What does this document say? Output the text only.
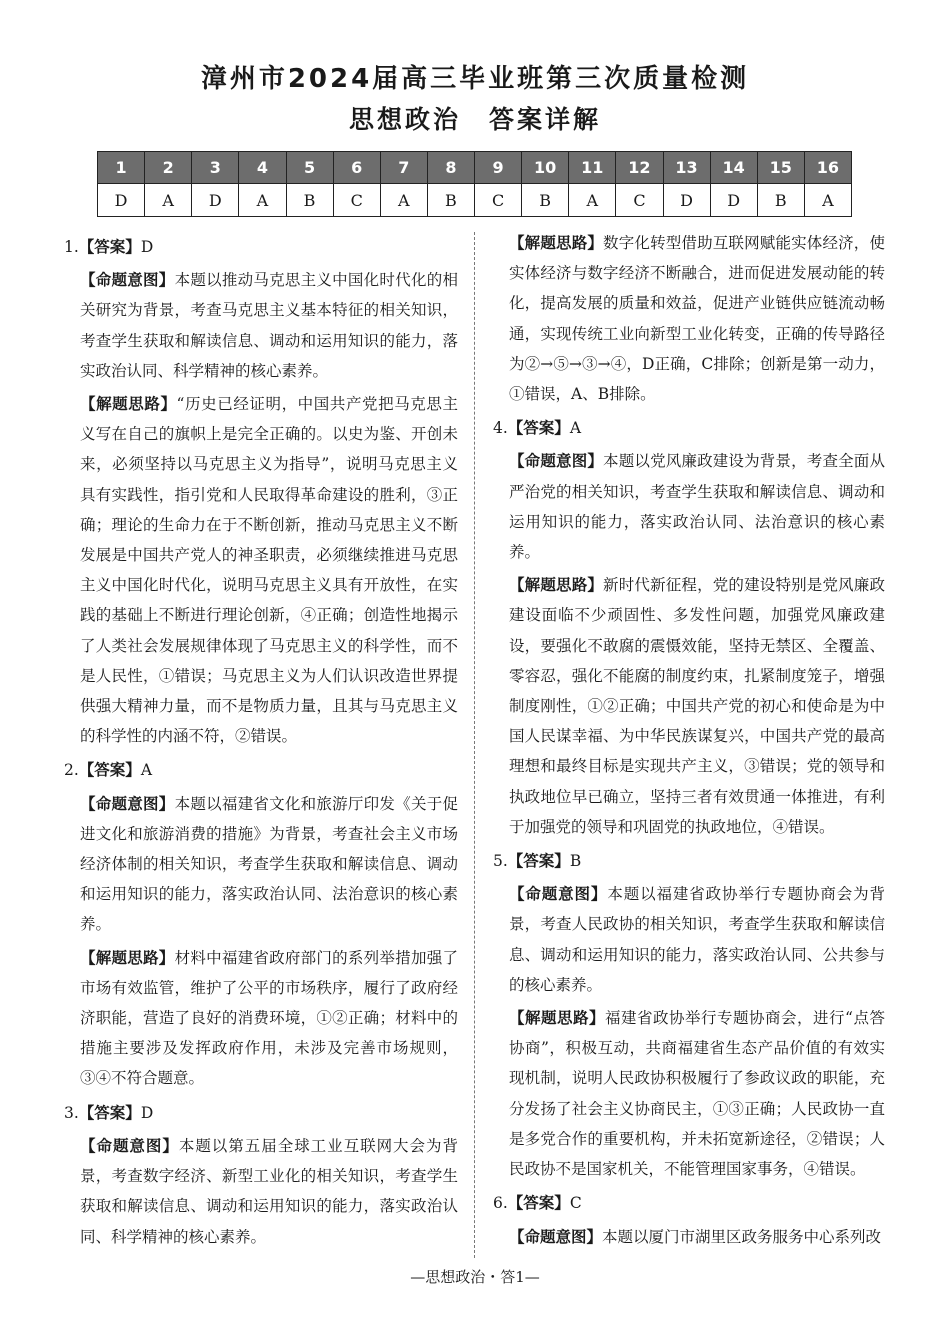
漳州市2024届高三毕业班第三次质量检测
思想政治 答案详解
1	2	3	4	5	6	7	8	9	10	11	12	13	14	15	16
D	A	D	A	B	C	A	B	C	B	A	C	D	D	B	A
1.【答案】D
【命题意图】本题以推动马克思主义中国化时代化的相关研究为背景，考查马克思主义基本特征的相关知识，考查学生获取和解读信息、调动和运用知识的能力，落实政治认同、科学精神的核心素养。
【解题思路】“历史已经证明，中国共产党把马克思主义写在自己的旗帜上是完全正确的。以史为鉴、开创未来，必须坚持以马克思主义为指导”，说明马克思主义具有实践性，指引党和人民取得革命建设的胜利，③正确；理论的生命力在于不断创新，推动马克思主义不断发展是中国共产党人的神圣职责，必须继续推进马克思主义中国化时代化，说明马克思主义具有开放性，在实践的基础上不断进行理论创新，④正确；创造性地揭示了人类社会发展规律体现了马克思主义的科学性，而不是人民性，①错误；马克思主义为人们认识改造世界提供强大精神力量，而不是物质力量，且其与马克思主义的科学性的内涵不符，②错误。
2.【答案】A
【命题意图】本题以福建省文化和旅游厅印发《关于促进文化和旅游消费的措施》为背景，考查社会主义市场经济体制的相关知识，考查学生获取和解读信息、调动和运用知识的能力，落实政治认同、法治意识的核心素养。
【解题思路】材料中福建省政府部门的系列举措加强了市场有效监管，维护了公平的市场秩序，履行了政府经济职能，营造了良好的消费环境，①②正确；材料中的措施主要涉及发挥政府作用，未涉及完善市场规则，③④不符合题意。
3.【答案】D
【命题意图】本题以第五届全球工业互联网大会为背景，考查数字经济、新型工业化的相关知识，考查学生获取和解读信息、调动和运用知识的能力，落实政治认同、科学精神的核心素养。
【解题思路】数字化转型借助互联网赋能实体经济，使实体经济与数字经济不断融合，进而促进发展动能的转化，提高发展的质量和效益，促进产业链供应链流动畅通，实现传统工业向新型工业化转变，正确的传导路径为②→⑤→③→④，D正确，C排除；创新是第一动力，①错误，A、B排除。
4.【答案】A
【命题意图】本题以党风廉政建设为背景，考查全面从严治党的相关知识，考查学生获取和解读信息、调动和运用知识的能力，落实政治认同、法治意识的核心素养。
【解题思路】新时代新征程，党的建设特别是党风廉政建设面临不少顽固性、多发性问题，加强党风廉政建设，要强化不敢腐的震慑效能，坚持无禁区、全覆盖、零容忍，强化不能腐的制度约束，扎紧制度笼子，增强制度刚性，①②正确；中国共产党的初心和使命是为中国人民谋幸福、为中华民族谋复兴，中国共产党的最高理想和最终目标是实现共产主义，③错误；党的领导和执政地位早已确立，坚持三者有效贯通一体推进，有利于加强党的领导和巩固党的执政地位，④错误。
5.【答案】B
【命题意图】本题以福建省政协举行专题协商会为背景，考查人民政协的相关知识，考查学生获取和解读信息、调动和运用知识的能力，落实政治认同、公共参与的核心素养。
【解题思路】福建省政协举行专题协商会，进行“点答协商”，积极互动，共商福建省生态产品价值的有效实现机制，说明人民政协积极履行了参政议政的职能，充分发扬了社会主义协商民主，①③正确；人民政协一直是多党合作的重要机构，并未拓宽新途径，②错误；人民政协不是国家机关，不能管理国家事务，④错误。
6.【答案】C
【命题意图】本题以厦门市湖里区政务服务中心系列改
—思想政治・答1—
